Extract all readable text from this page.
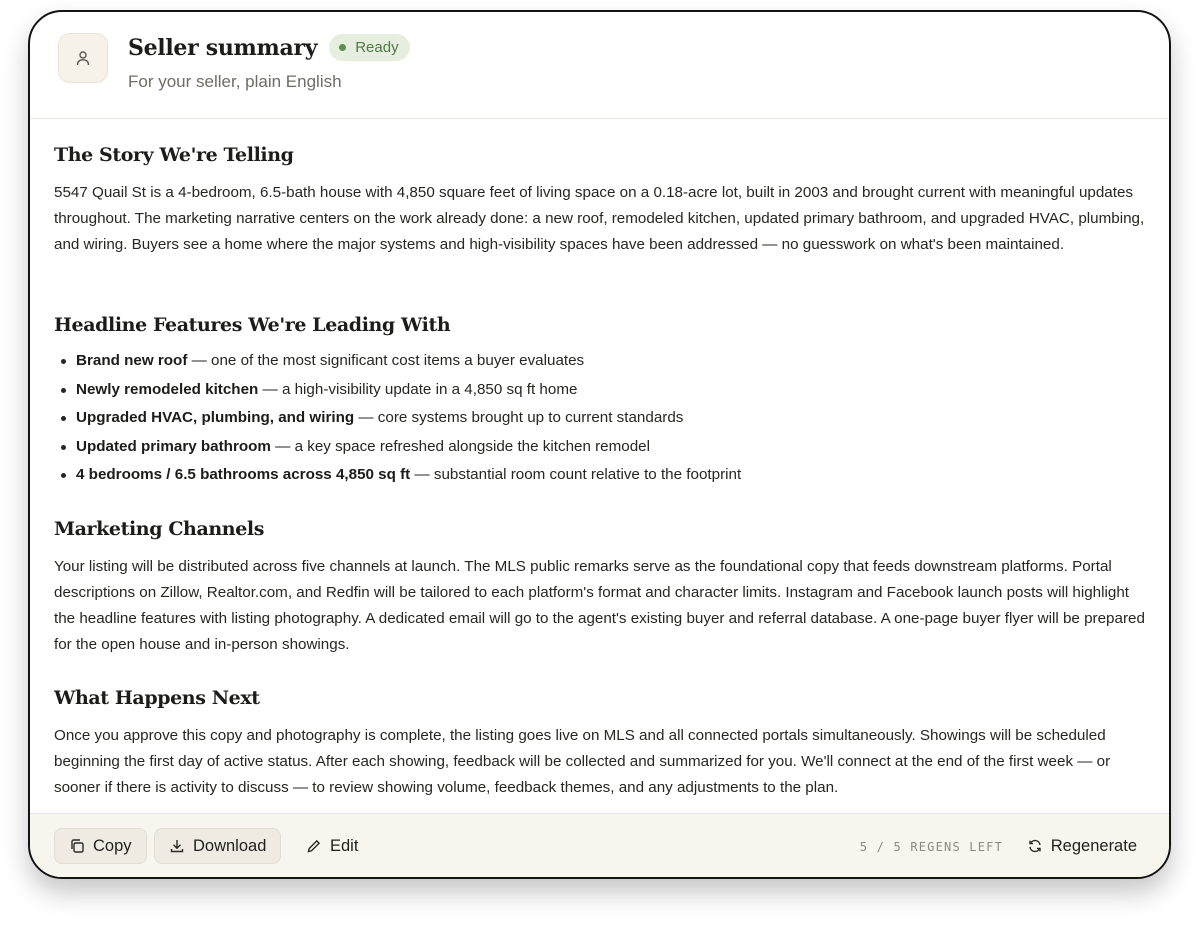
Seller summary	Ready
For your seller, plain English
The Story We're Telling

5547 Quail St is a 4-bedroom, 6.5-bath house with 4,850 square feet of living space on a 0.18-acre lot, built in 2003 and brought current with meaningful updates throughout. The marketing narrative centers on the work already done: a new roof, remodeled kitchen, updated primary bathroom, and upgraded HVAC, plumbing, and wiring. Buyers see a home where the major systems and high-visibility spaces have been addressed — no guesswork on what's been maintained.

Headline Features We're Leading With
Brand new roof — one of the most significant cost items a buyer evaluates
Newly remodeled kitchen — a high-visibility update in a 4,850 sq ft home
Upgraded HVAC, plumbing, and wiring — core systems brought up to current standards
Updated primary bathroom — a key space refreshed alongside the kitchen remodel
4 bedrooms / 6.5 bathrooms across 4,850 sq ft — substantial room count relative to the footprint
Marketing Channels

Your listing will be distributed across five channels at launch. The MLS public remarks serve as the foundational copy that feeds downstream platforms. Portal descriptions on Zillow, Realtor.com, and Redfin will be tailored to each platform's format and character limits. Instagram and Facebook launch posts will highlight the headline features with listing photography. A dedicated email will go to the agent's existing buyer and referral database. A one-page buyer flyer will be prepared for the open house and in-person showings.

What Happens Next

Once you approve this copy and photography is complete, the listing goes live on MLS and all connected portals simultaneously. Showings will be scheduled beginning the first day of active status. After each showing, feedback will be collected and summarized for you. We'll connect at the end of the first week — or sooner if there is activity to discuss — to review showing volume, feedback themes, and any adjustments to the plan.

Copy	Download	Edit	5 / 5 REGENS LEFT	Regenerate
